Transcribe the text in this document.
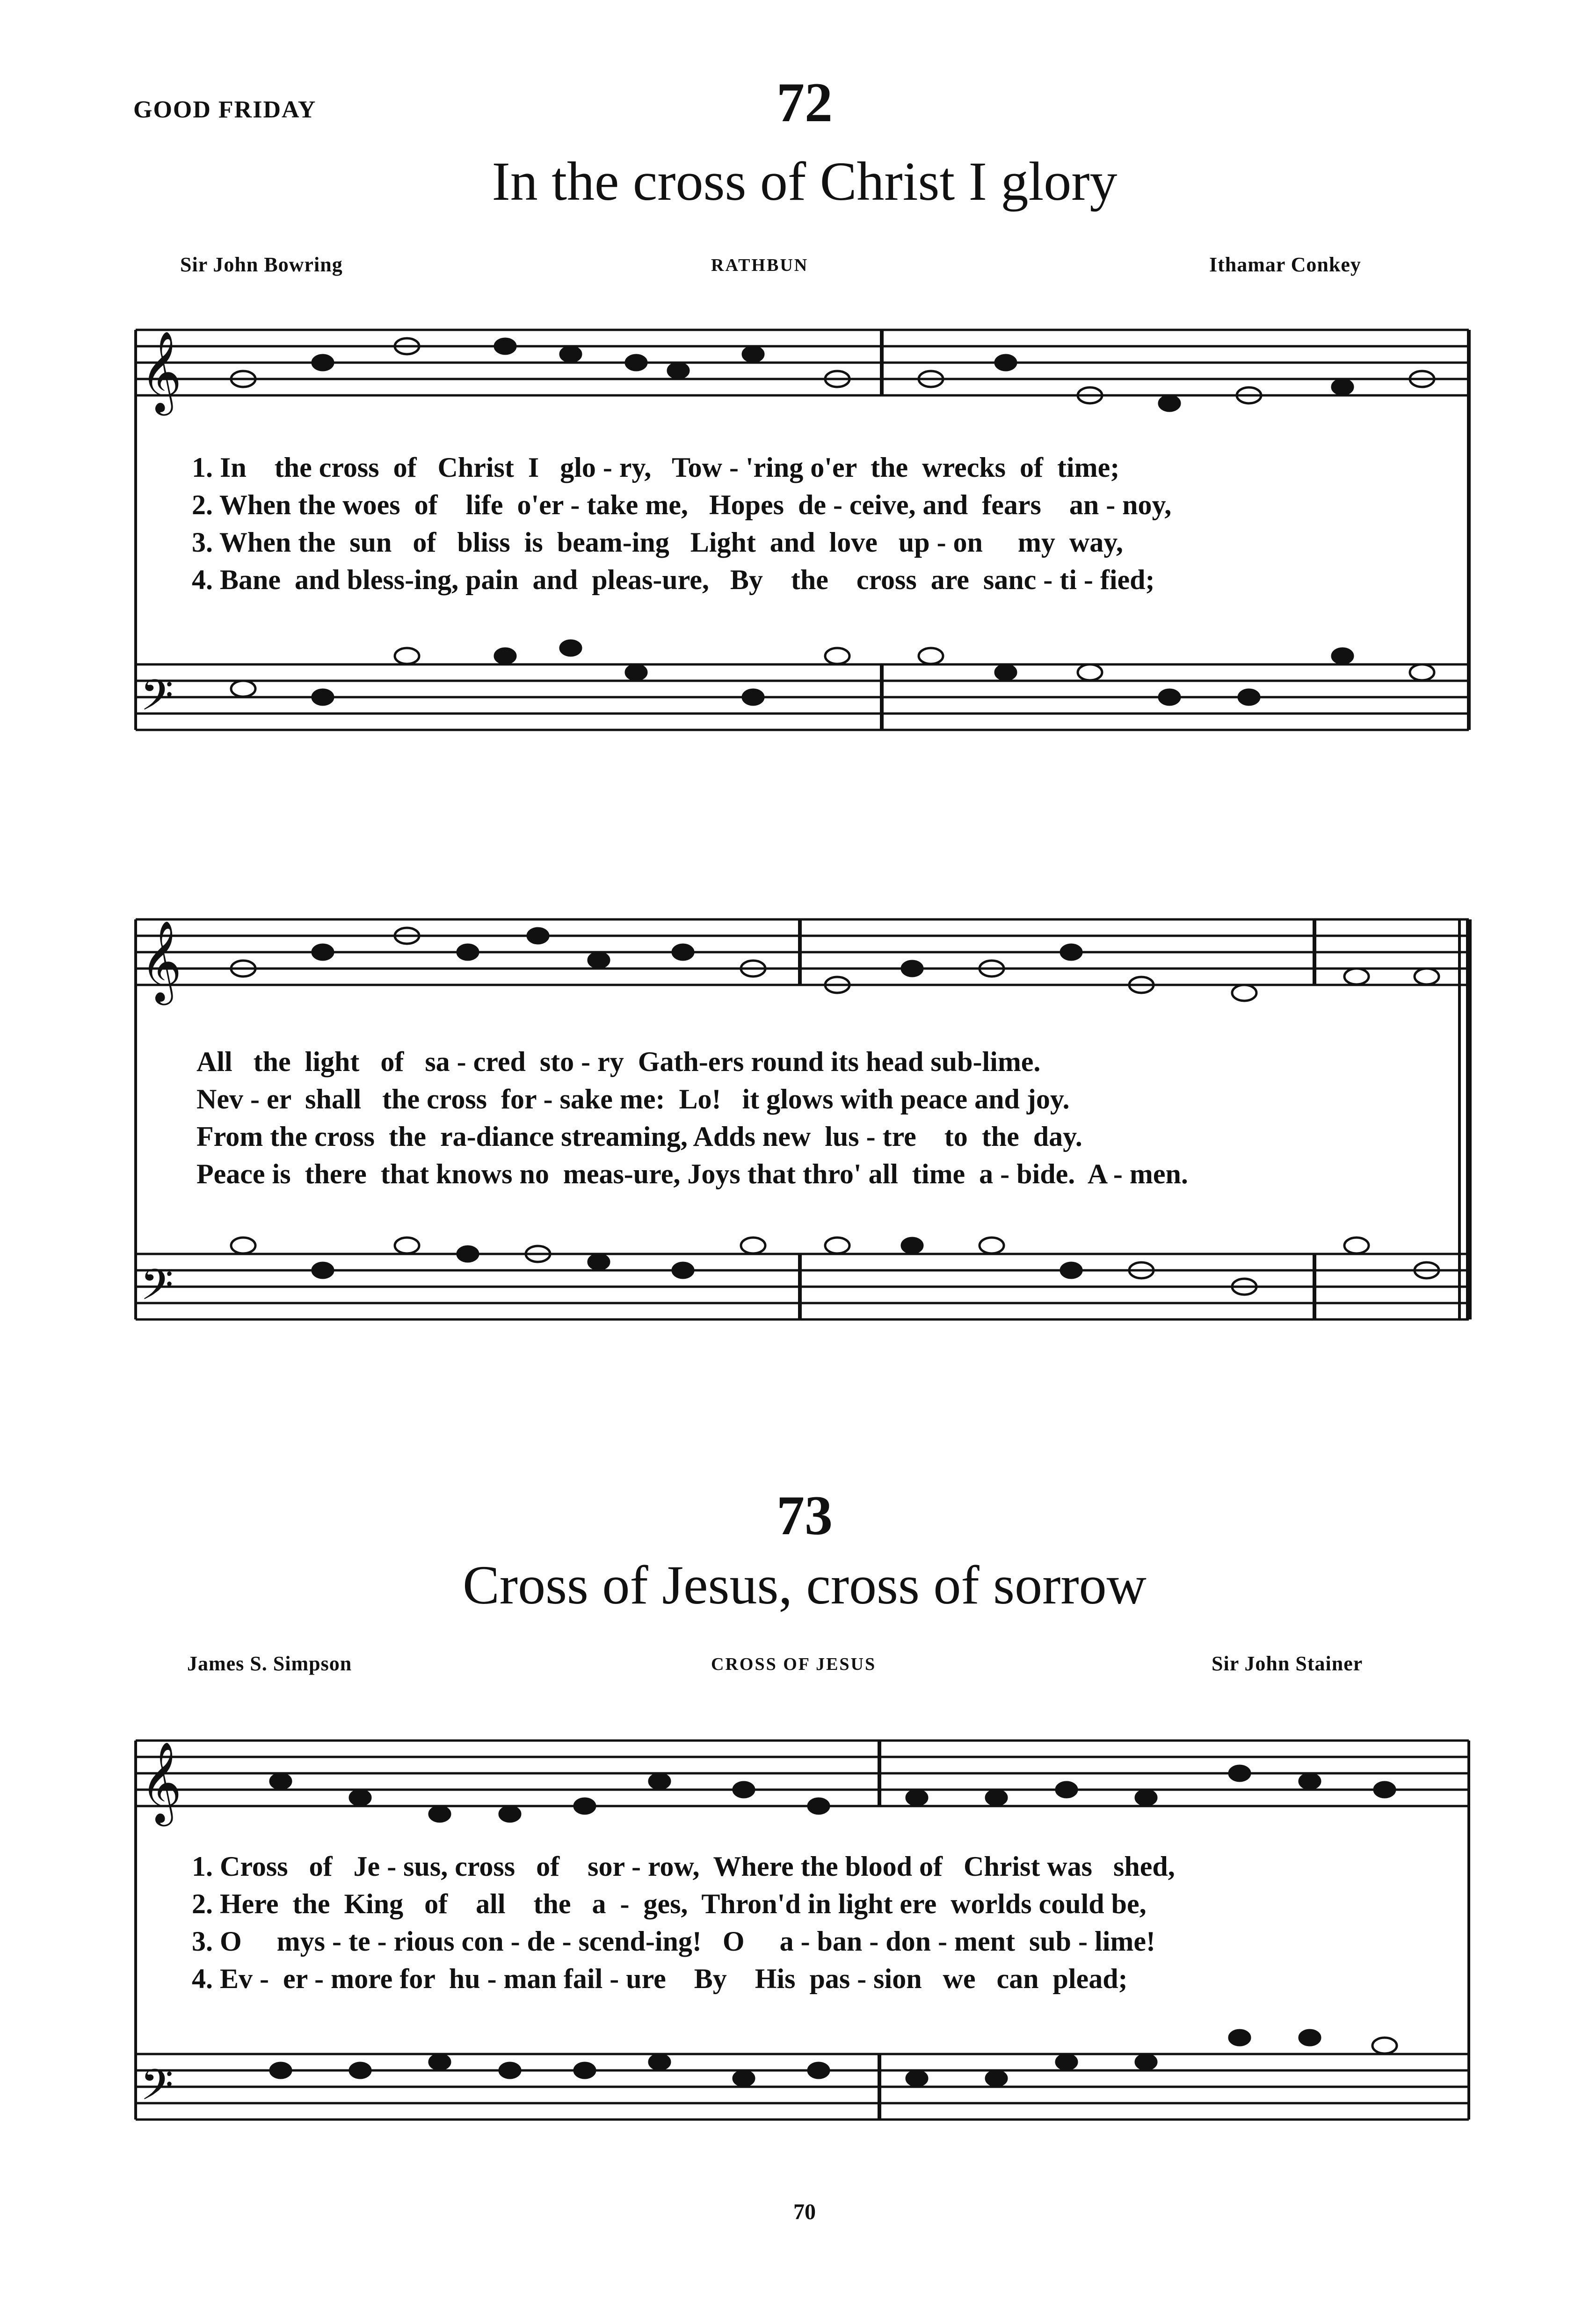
GOOD FRIDAY	72
In the cross of Christ I glory
Sir John Bowring	RATHBUN	Ithamar Conkey
𝄞
𝄢
𝄞
𝄢
𝄞
𝄢
1. In    the cross  of   Christ  I   glo - ry,   Tow - 'ring o'er  the  wrecks  of  time;
2. When the woes  of    life  o'er - take me,   Hopes  de - ceive, and  fears    an - noy,
3. When the  sun   of   bliss  is  beam-ing   Light  and  love   up - on     my  way,
4. Bane  and bless-ing, pain  and  pleas-ure,   By    the    cross  are  sanc - ti - fied;
All   the  light   of   sa - cred  sto - ry  Gath-ers round its head sub-lime.
Nev - er  shall   the cross  for - sake me:  Lo!   it glows with peace and joy.
From the cross  the  ra-diance streaming, Adds new  lus - tre    to  the  day.
Peace is  there  that knows no  meas-ure, Joys that thro' all  time  a - bide.  A - men.
73
Cross of Jesus, cross of sorrow
James S. Simpson	CROSS OF JESUS	Sir John Stainer
1. Cross   of   Je - sus, cross   of    sor - row,  Where the blood of   Christ was   shed,
2. Here  the  King   of    all    the   a  -  ges,  Thron'd in light ere  worlds could be,
3. O     mys - te - rious con - de - scend-ing!   O     a - ban - don - ment  sub - lime!
4. Ev -  er - more for  hu - man fail - ure    By    His  pas - sion   we   can  plead;
70
